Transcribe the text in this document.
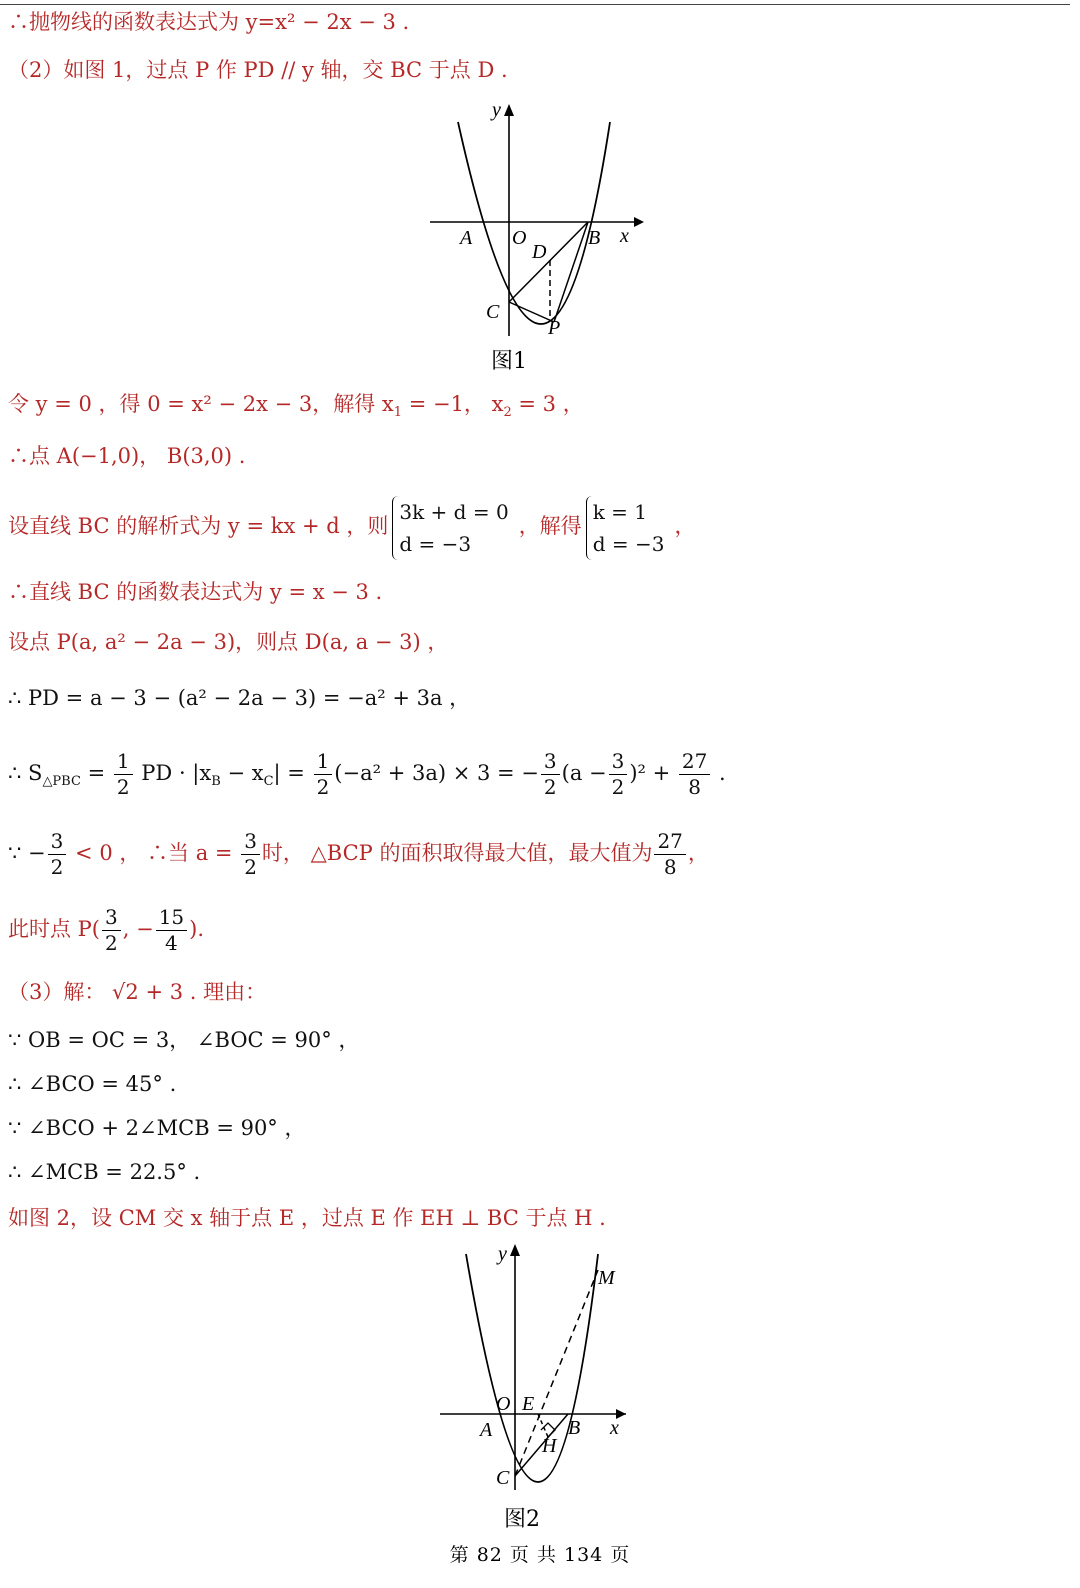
∴抛物线的函数表达式为 y=x² − 2x − 3 .
（2）如图 1，过点 P 作 PD // y 轴，交 BC 于点 D .
y
x
A O	B
D
C
P
图1
令 y = 0 ，得 0 = x² − 2x − 3，解得 $x_1 = -1$， $x_2 = 3$ ，
∴点 A(−1,0)， B(3,0) .
设直线 BC 的解析式为 y = kx + d ，则
3k + d = 0
d = −3
，解得
k = 1
d = −3
，
∴直线 BC 的函数表达式为 y = x − 3 .
设点 P(a, a² − 2a − 3)，则点 D(a, a − 3) ，
∴ PD = a − 3 − (a² − 2a − 3) = −a² + 3a ，
∴ $S_{\triangle PBC} = \frac{1}{2}$ PD · $|x_B - x_C| = \frac{1}{2} (-a^2 + 3a) \times 3$ = − $\frac{3}{2} (a - \frac{3}{2} )^2 + \frac{27}{8}$ .
∵ − $\frac{3}{2} < 0$ ， ∴当 $a = \frac{3}{2}$ 时， △BCP 的面积取得最大值，最大值为 $\frac{27}{8}$ ，
此时点 $P( \frac{3}{2}$ , − $\frac{15}{4}$ ).
（3）解： √2 + 3 . 理由：
∵ OB = OC = 3， ∠BOC = 90° ，
∴ ∠BCO = 45° .
∵ ∠BCO + 2∠MCB = 90° ，
∴ ∠MCB = 22.5° .
如图 2，设 CM 交 x 轴于点 E ，过点 E 作 EH ⊥ BC 于点 H .
y
x
A
O E
B
H
C
M
图2
第 82 页 共 134 页
